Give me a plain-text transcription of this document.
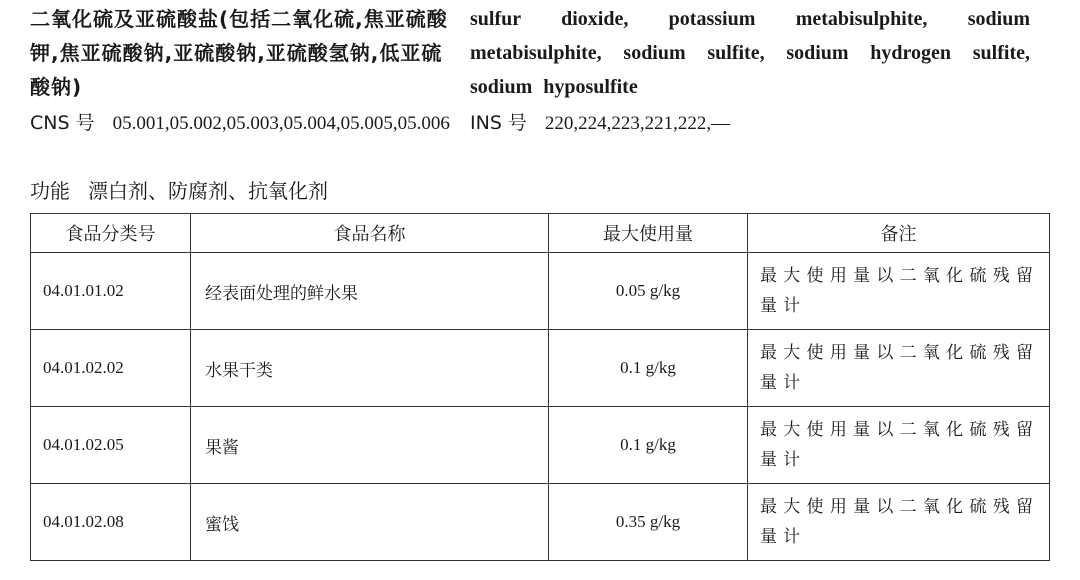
二氧化硫及亚硫酸盐(包括二氧化硫,焦亚硫酸钾,焦亚硫酸钠,亚硫酸钠,亚硫酸氢钠,低亚硫酸钠)
CNS 号 05.001,05.002,05.003,05.004,05.005,05.006
sulfur dioxide, potassium metabisulphite, sodium metabisulphite, sodium sulfite, sodium hydrogen sulfite, sodium hyposulfite
INS 号 220,224,223,221,222,—
功能 漂白剂、防腐剂、抗氧化剂
食品分类号	食品名称	最大使用量	备注
04.01.01.02	经表面处理的鲜水果	0.05 g/kg	最大使用量以二氧化硫残留量计
04.01.02.02	水果干类	0.1 g/kg	最大使用量以二氧化硫残留量计
04.01.02.05	果酱	0.1 g/kg	最大使用量以二氧化硫残留量计
04.01.02.08	蜜饯	0.35 g/kg	最大使用量以二氧化硫残留量计
